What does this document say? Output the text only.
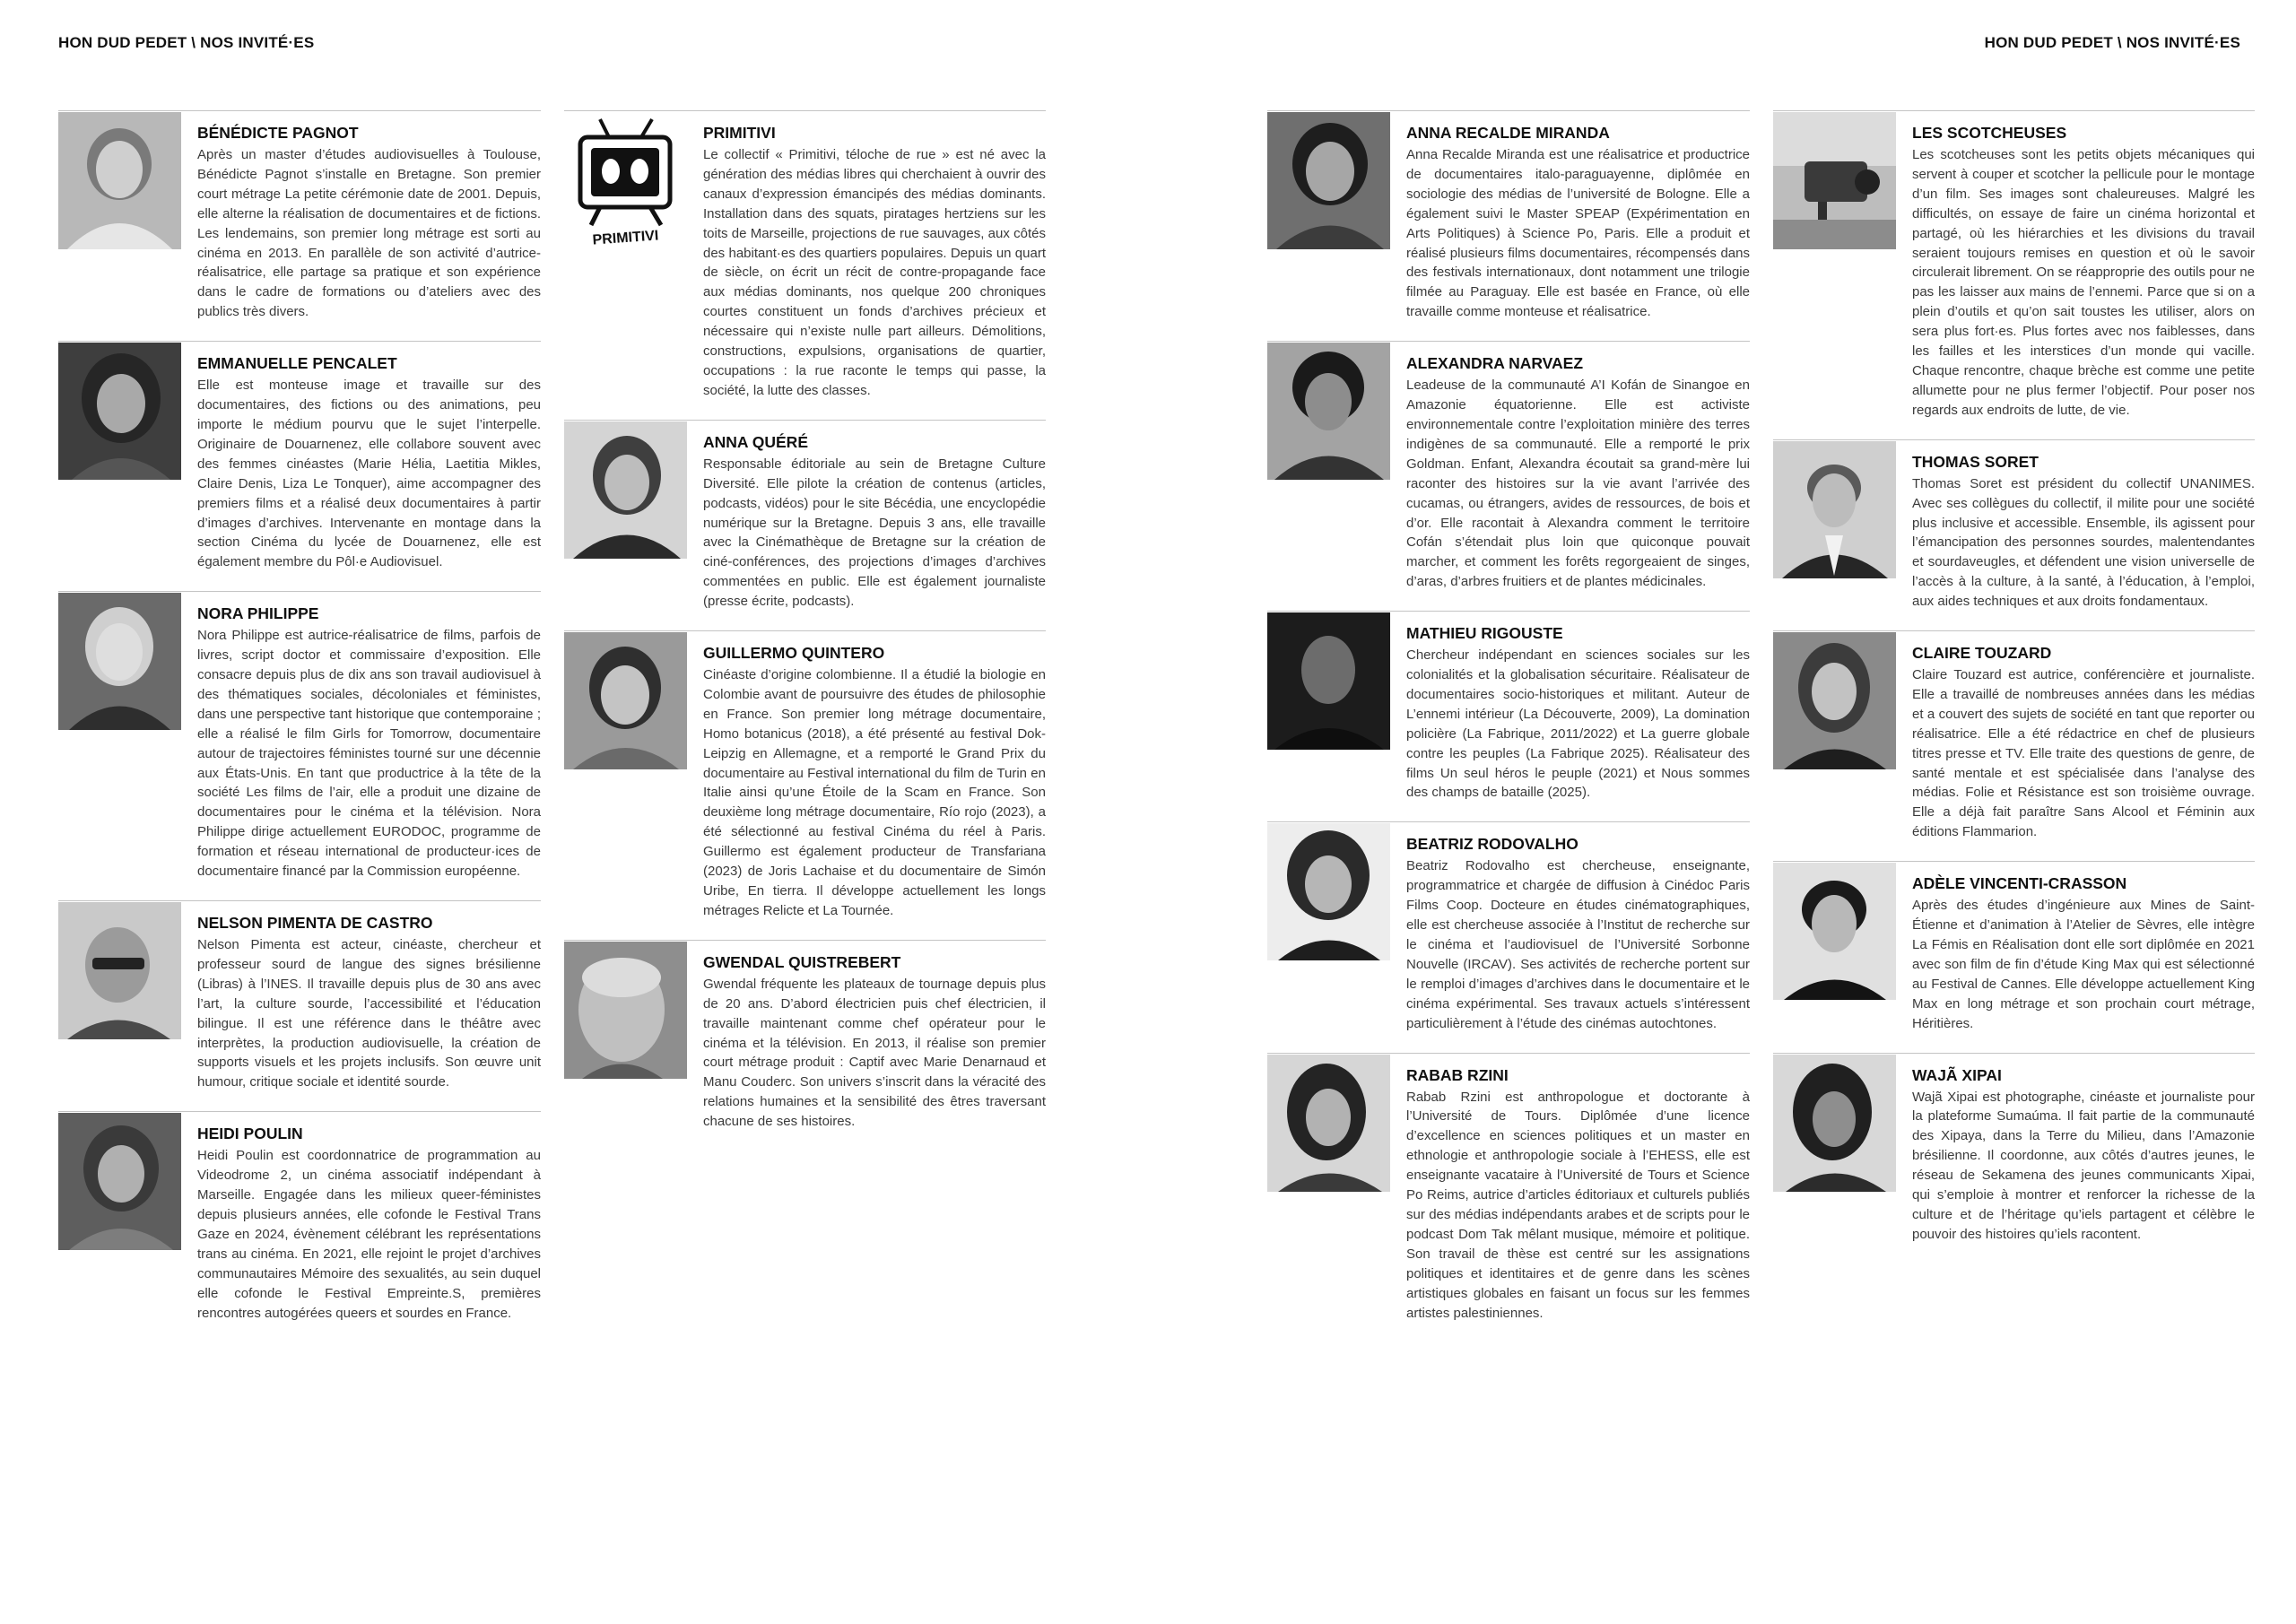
HON DUD PEDET \ NOS INVITÉ·ES	HON DUD PEDET \ NOS INVITÉ·ES
BÉNÉDICTE PAGNOT
Après un master d’études audiovisuelles à Toulouse, Bénédicte Pagnot s’installe en Bretagne. Son premier court métrage La petite cérémonie date de 2001. Depuis, elle alterne la réalisation de documentaires et de fictions. Les lendemains, son premier long métrage est sorti au cinéma en 2013. En parallèle de son activité d’autrice-réalisatrice, elle partage sa pratique et son expérience dans le cadre de formations ou d’ateliers avec des publics très divers.
EMMANUELLE PENCALET
Elle est monteuse image et travaille sur des documentaires, des fictions ou des animations, peu importe le médium pourvu que le sujet l’interpelle. Originaire de Douarnenez, elle collabore souvent avec des femmes cinéastes (Marie Hélia, Laetitia Mikles, Claire Denis, Liza Le Tonquer), aime accompagner des premiers films et a réalisé deux documentaires à partir d’images d’archives. Intervenante en montage dans la section Cinéma du lycée de Douarnenez, elle est également membre du Pôl·e Audiovisuel.
NORA PHILIPPE
Nora Philippe est autrice-réalisatrice de films, parfois de livres, script doctor et commissaire d’exposition. Elle consacre depuis plus de dix ans son travail audiovisuel à des thématiques sociales, décoloniales et féministes, dans une perspective tant historique que contemporaine ; elle a réalisé le film Girls for Tomorrow, documentaire autour de trajectoires féministes tourné sur une décennie aux États-Unis. En tant que productrice à la tête de la société Les films de l’air, elle a produit une dizaine de documentaires pour le cinéma et la télévision. Nora Philippe dirige actuellement EURODOC, programme de formation et réseau international de producteur·ices de documentaire financé par la Commission européenne.
NELSON PIMENTA DE CASTRO
Nelson Pimenta est acteur, cinéaste, chercheur et professeur sourd de langue des signes brésilienne (Libras) à l’INES. Il travaille depuis plus de 30 ans avec l’art, la culture sourde, l’accessibilité et l’éducation bilingue. Il est une référence dans le théâtre avec interprètes, la production audiovisuelle, la création de supports visuels et les projets inclusifs. Son œuvre unit humour, critique sociale et identité sourde.
HEIDI POULIN
Heidi Poulin est coordonnatrice de programmation au Videodrome 2, un cinéma associatif indépendant à Marseille. Engagée dans les milieux queer-féministes depuis plusieurs années, elle cofonde le Festival Trans Gaze en 2024, évènement célébrant les représentations trans au cinéma. En 2021, elle rejoint le projet d’archives communautaires Mémoire des sexualités, au sein duquel elle cofonde le Festival Empreinte.S, premières rencontres autogérées queers et sourdes en France.
PRIMITIVI
PRIMITIVI
Le collectif « Primitivi, téloche de rue » est né avec la génération des médias libres qui cherchaient à ouvrir des canaux d’expression émancipés des médias dominants. Installation dans des squats, piratages hertziens sur les toits de Marseille, projections de rue sauvages, aux côtés des habitant·es des quartiers populaires. Depuis un quart de siècle, on écrit un récit de contre-propagande face aux médias dominants, nos quelque 200 chroniques courtes constituent un fonds d’archives précieux et nécessaire qui n’existe nulle part ailleurs. Démolitions, constructions, expulsions, organisations de quartier, occupations : la rue raconte le temps qui passe, la société, la lutte des classes.
ANNA QUÉRÉ
Responsable éditoriale au sein de Bretagne Culture Diversité. Elle pilote la création de contenus (articles, podcasts, vidéos) pour le site Bécédia, une encyclopédie numérique sur la Bretagne. Depuis 3 ans, elle travaille avec la Cinémathèque de Bretagne sur la création de ciné-conférences, des projections d’images d’archives commentées en public. Elle est également journaliste (presse écrite, podcasts).
GUILLERMO QUINTERO
Cinéaste d’origine colombienne. Il a étudié la biologie en Colombie avant de poursuivre des études de philosophie en France. Son premier long métrage documentaire, Homo botanicus (2018), a été présenté au festival Dok-Leipzig en Allemagne, et a remporté le Grand Prix du documentaire au Festival international du film de Turin en Italie ainsi qu’une Étoile de la Scam en France. Son deuxième long métrage documentaire, Río rojo (2023), a été sélectionné au festival Cinéma du réel à Paris. Guillermo est également producteur de Transfariana (2023) de Joris Lachaise et du documentaire de Simón Uribe, En tierra. Il développe actuellement les longs métrages Relicte et La Tournée.
GWENDAL QUISTREBERT
Gwendal fréquente les plateaux de tournage depuis plus de 20 ans. D’abord électricien puis chef électricien, il travaille maintenant comme chef opérateur pour le cinéma et la télévision. En 2013, il réalise son premier court métrage produit : Captif avec Marie Denarnaud et Manu Couderc. Son univers s’inscrit dans la véracité des relations humaines et la sensibilité des êtres traversant chacune de ses histoires.
ANNA RECALDE MIRANDA
Anna Recalde Miranda est une réalisatrice et productrice de documentaires italo-paraguayenne, diplômée en sociologie des médias de l’université de Bologne. Elle a également suivi le Master SPEAP (Expérimentation en Arts Politiques) à Science Po, Paris. Elle a produit et réalisé plusieurs films documentaires, récompensés dans des festivals internationaux, dont notamment une trilogie filmée au Paraguay. Elle est basée en France, où elle travaille comme monteuse et réalisatrice.
ALEXANDRA NARVAEZ
Leadeuse de la communauté A’I Kofán de Sinangoe en Amazonie équatorienne. Elle est activiste environnementale contre l’exploitation minière des terres indigènes de sa communauté. Elle a remporté le prix Goldman. Enfant, Alexandra écoutait sa grand-mère lui raconter des histoires sur la vie avant l’arrivée des cucamas, ou étrangers, avides de ressources, de bois et d’or. Elle racontait à Alexandra comment le territoire Cofán s’étendait plus loin que quiconque pouvait marcher, et comment les forêts regorgeaient de singes, d’aras, d’arbres fruitiers et de plantes médicinales.
MATHIEU RIGOUSTE
Chercheur indépendant en sciences sociales sur les colonialités et la globalisation sécuritaire. Réalisateur de documentaires socio-historiques et militant. Auteur de L’ennemi intérieur (La Découverte, 2009), La domination policière (La Fabrique, 2011/2022) et La guerre globale contre les peuples (La Fabrique 2025). Réalisateur des films Un seul héros le peuple (2021) et Nous sommes des champs de bataille (2025).
BEATRIZ RODOVALHO
Beatriz Rodovalho est chercheuse, enseignante, programmatrice et chargée de diffusion à Cinédoc Paris Films Coop. Docteure en études cinématographiques, elle est chercheuse associée à l’Institut de recherche sur le cinéma et l’audiovisuel de l’Université Sorbonne Nouvelle (IRCAV). Ses activités de recherche portent sur le remploi d’images d’archives dans le documentaire et le cinéma expérimental. Ses travaux actuels s’intéressent particulièrement à l’étude des cinémas autochtones.
RABAB RZINI
Rabab Rzini est anthropologue et doctorante à l’Université de Tours. Diplômée d’une licence d’excellence en sciences politiques et un master en ethnologie et anthropologie sociale à l’EHESS, elle est enseignante vacataire à l’Université de Tours et Science Po Reims, autrice d’articles éditoriaux et culturels publiés sur des médias indépendants arabes et de scripts pour le podcast Dom Tak mêlant musique, mémoire et politique. Son travail de thèse est centré sur les assignations politiques et identitaires et de genre dans les scènes artistiques globales en faisant un focus sur les femmes artistes palestiniennes.
LES SCOTCHEUSES
Les scotcheuses sont les petits objets mécaniques qui servent à couper et scotcher la pellicule pour le montage d’un film. Ses images sont chaleureuses. Malgré les difficultés, on essaye de faire un cinéma horizontal et partagé, où les hiérarchies et les divisions du travail seraient toujours remises en question et où le savoir circulerait librement. On se réapproprie des outils pour ne pas les laisser aux mains de l’ennemi. Parce que si on a plein d’outils et qu’on sait toustes les utiliser, alors on sera plus fort·es. Plus fortes avec nos faiblesses, dans les failles et les interstices d’un monde qui vacille. Chaque rencontre, chaque brèche est comme une petite allumette pour ne plus fermer l’objectif. Pour poser nos regards aux endroits de lutte, de vie.
THOMAS SORET
Thomas Soret est président du collectif UNANIMES. Avec ses collègues du collectif, il milite pour une société plus inclusive et accessible. Ensemble, ils agissent pour l’émancipation des personnes sourdes, malentendantes et sourdaveugles, et défendent une vision universelle de l’accès à la culture, à la santé, à l’éducation, à l’emploi, aux aides techniques et aux droits fondamentaux.
CLAIRE TOUZARD
Claire Touzard est autrice, conférencière et journaliste. Elle a travaillé de nombreuses années dans les médias et a couvert des sujets de société en tant que reporter ou réalisatrice. Elle a été rédactrice en chef de plusieurs titres presse et TV. Elle traite des questions de genre, de santé mentale et est spécialisée dans l’analyse des médias. Folie et Résistance est son troisième ouvrage. Elle a déjà fait paraître Sans Alcool et Féminin aux éditions Flammarion.
ADÈLE VINCENTI-CRASSON
Après des études d’ingénieure aux Mines de Saint-Étienne et d’animation à l’Atelier de Sèvres, elle intègre La Fémis en Réalisation dont elle sort diplômée en 2021 avec son film de fin d’étude King Max qui est sélectionné au Festival de Cannes. Elle développe actuellement King Max en long métrage et son prochain court métrage, Héritières.
WAJÃ XIPAI
Wajã Xipai est photographe, cinéaste et journaliste pour la plateforme Sumaúma. Il fait partie de la communauté des Xipaya, dans la Terre du Milieu, dans l’Amazonie brésilienne. Il coordonne, aux côtés d’autres jeunes, le réseau de Sekamena des jeunes communicants Xipai, qui s’emploie à montrer et renforcer la richesse de la culture et de l’héritage qu’iels partagent et célèbre le pouvoir des histoires qu’iels racontent.
